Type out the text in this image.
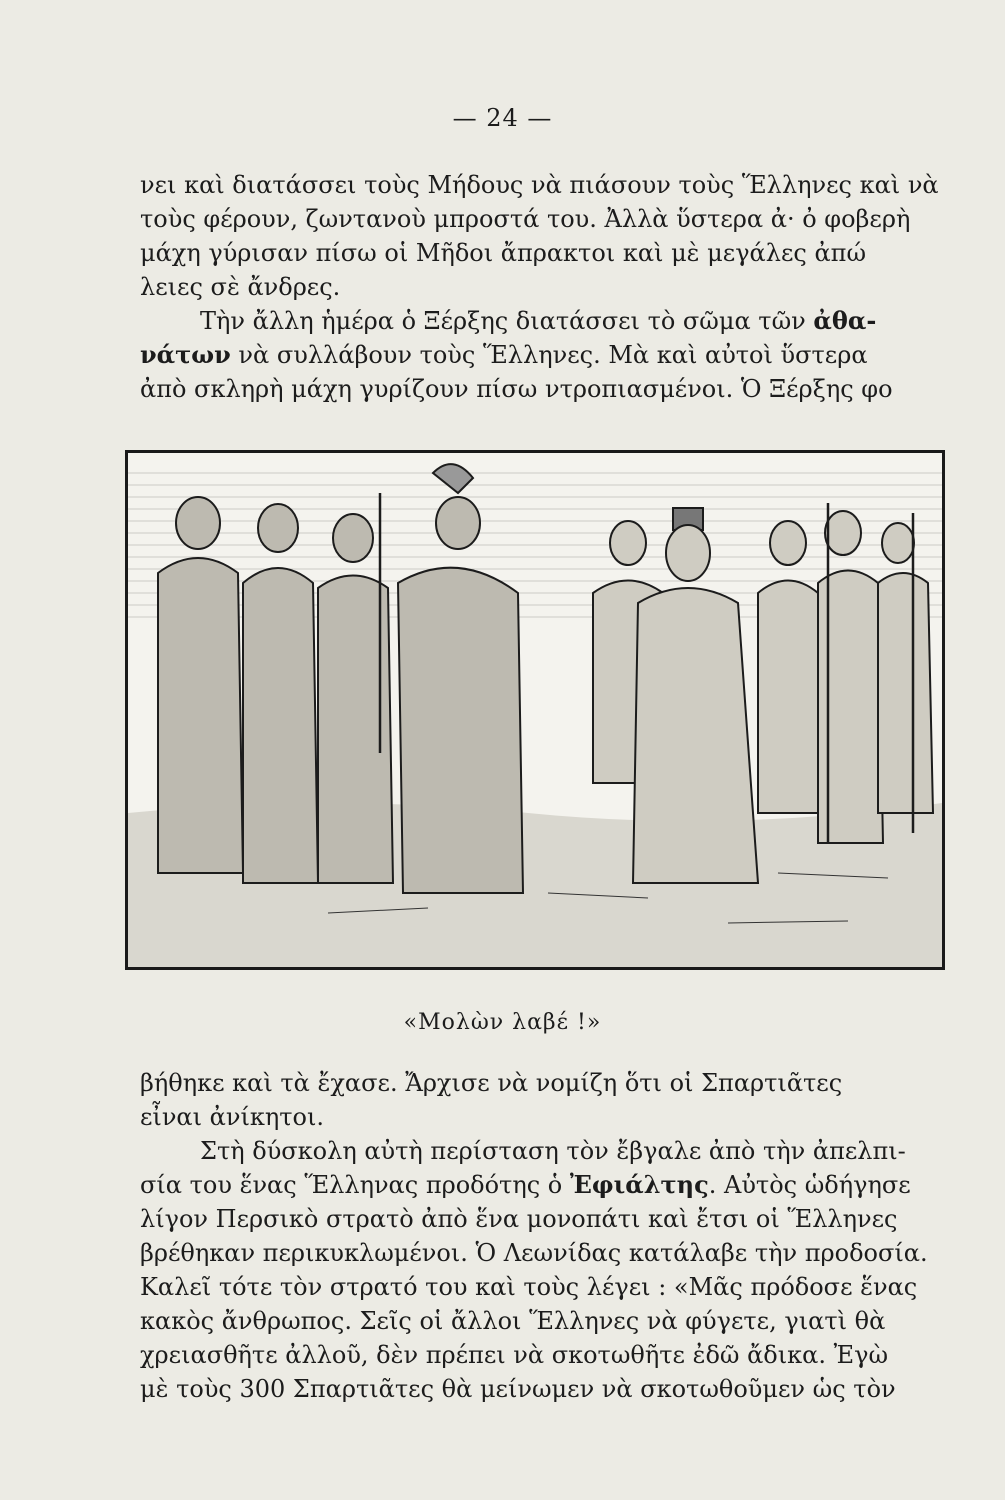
— 24 —
νει καὶ διατάσσει τοὺς Μήδους νὰ πιάσουν τοὺς Ἕλληνες καὶ νὰ
τοὺς φέρουν, ζωντανοὺ μπροστά του. Ἀλλὰ ὕστερα ἀ· ὀ φοβερὴ
μάχη γύρισαν πίσω οἱ Μῆδοι ἄπρακτοι καὶ μὲ μεγάλες ἀπώ
λειες σὲ ἄνδρες.
Τὴν ἄλλη ἡμέρα ὁ Ξέρξης διατάσσει τὸ σῶμα τῶν ἀθα-
νάτων νὰ συλλάβουν τοὺς Ἕλληνες. Μὰ καὶ αὐτοὶ ὕστερα
ἀπὸ σκληρὴ μάχη γυρίζουν πίσω ντροπιασμένοι. Ὁ Ξέρξης φο
«Μολὼν λαβέ !»
βήθηκε καὶ τὰ ἔχασε. Ἄρχισε νὰ νομίζη ὅτι οἱ Σπαρτιᾶτες
εἶναι ἀνίκητοι.
Στὴ δύσκολη αὐτὴ περίσταση τὸν ἔβγαλε ἀπὸ τὴν ἀπελπι-
σία του ἕνας Ἕλληνας προδότης ὁ Ἐφιάλτης. Αὐτὸς ὡδήγησε
λίγον Περσικὸ στρατὸ ἀπὸ ἕνα μονοπάτι καὶ ἔτσι οἱ Ἕλληνες
βρέθηκαν περικυκλωμένοι. Ὁ Λεωνίδας κατάλαβε τὴν προδοσία.
Καλεῖ τότε τὸν στρατό του καὶ τοὺς λέγει : «Μᾶς πρόδοσε ἕνας
κακὸς ἄνθρωπος. Σεῖς οἱ ἄλλοι Ἕλληνες νὰ φύγετε, γιατὶ θὰ
χρειασθῆτε ἀλλοῦ, δὲν πρέπει νὰ σκοτωθῆτε ἐδῶ ἄδικα. Ἐγὼ
μὲ τοὺς 300 Σπαρτιᾶτες θὰ μείνωμεν νὰ σκοτωθοῦμεν ὡς τὸν
